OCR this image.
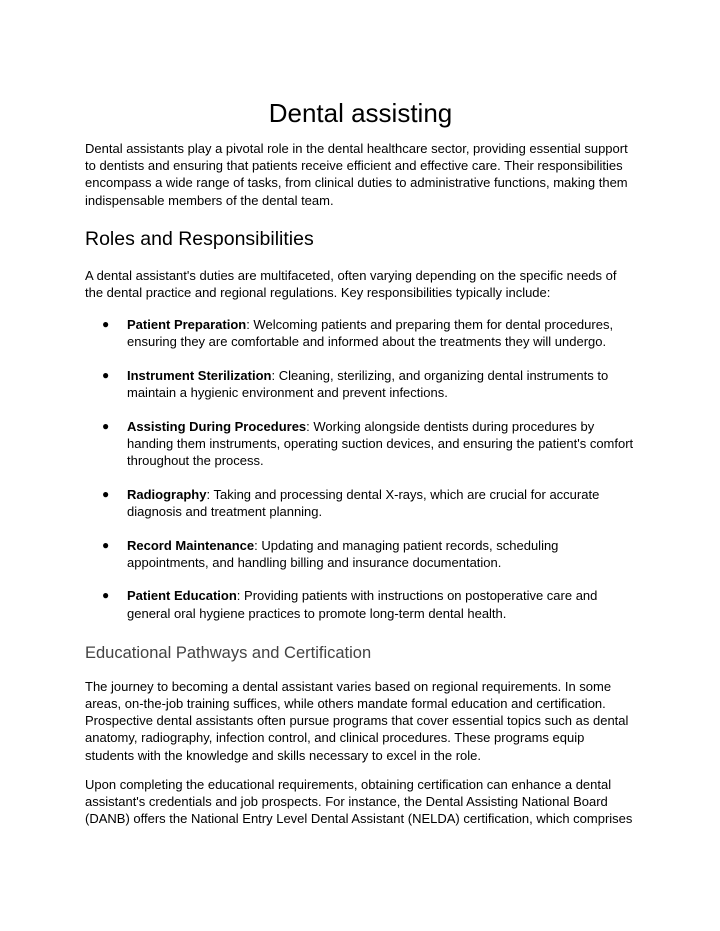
Dental assisting

Dental assistants play a pivotal role in the dental healthcare sector, providing essential support to dentists and ensuring that patients receive efficient and effective care. Their responsibilities encompass a wide range of tasks, from clinical duties to administrative functions, making them indispensable members of the dental team.

Roles and Responsibilities

A dental assistant's duties are multifaceted, often varying depending on the specific needs of the dental practice and regional regulations. Key responsibilities typically include:

● Patient Preparation: Welcoming patients and preparing them for dental procedures, ensuring they are comfortable and informed about the treatments they will undergo.
● Instrument Sterilization: Cleaning, sterilizing, and organizing dental instruments to maintain a hygienic environment and prevent infections.
● Assisting During Procedures: Working alongside dentists during procedures by handing them instruments, operating suction devices, and ensuring the patient's comfort throughout the process.
● Radiography: Taking and processing dental X-rays, which are crucial for accurate diagnosis and treatment planning.
● Record Maintenance: Updating and managing patient records, scheduling appointments, and handling billing and insurance documentation.
● Patient Education: Providing patients with instructions on postoperative care and general oral hygiene practices to promote long-term dental health.
Educational Pathways and Certification

The journey to becoming a dental assistant varies based on regional requirements. In some areas, on-the-job training suffices, while others mandate formal education and certification. Prospective dental assistants often pursue programs that cover essential topics such as dental anatomy, radiography, infection control, and clinical procedures. These programs equip students with the knowledge and skills necessary to excel in the role.

Upon completing the educational requirements, obtaining certification can enhance a dental assistant's credentials and job prospects. For instance, the Dental Assisting National Board (DANB) offers the National Entry Level Dental Assistant (NELDA) certification, which comprises
